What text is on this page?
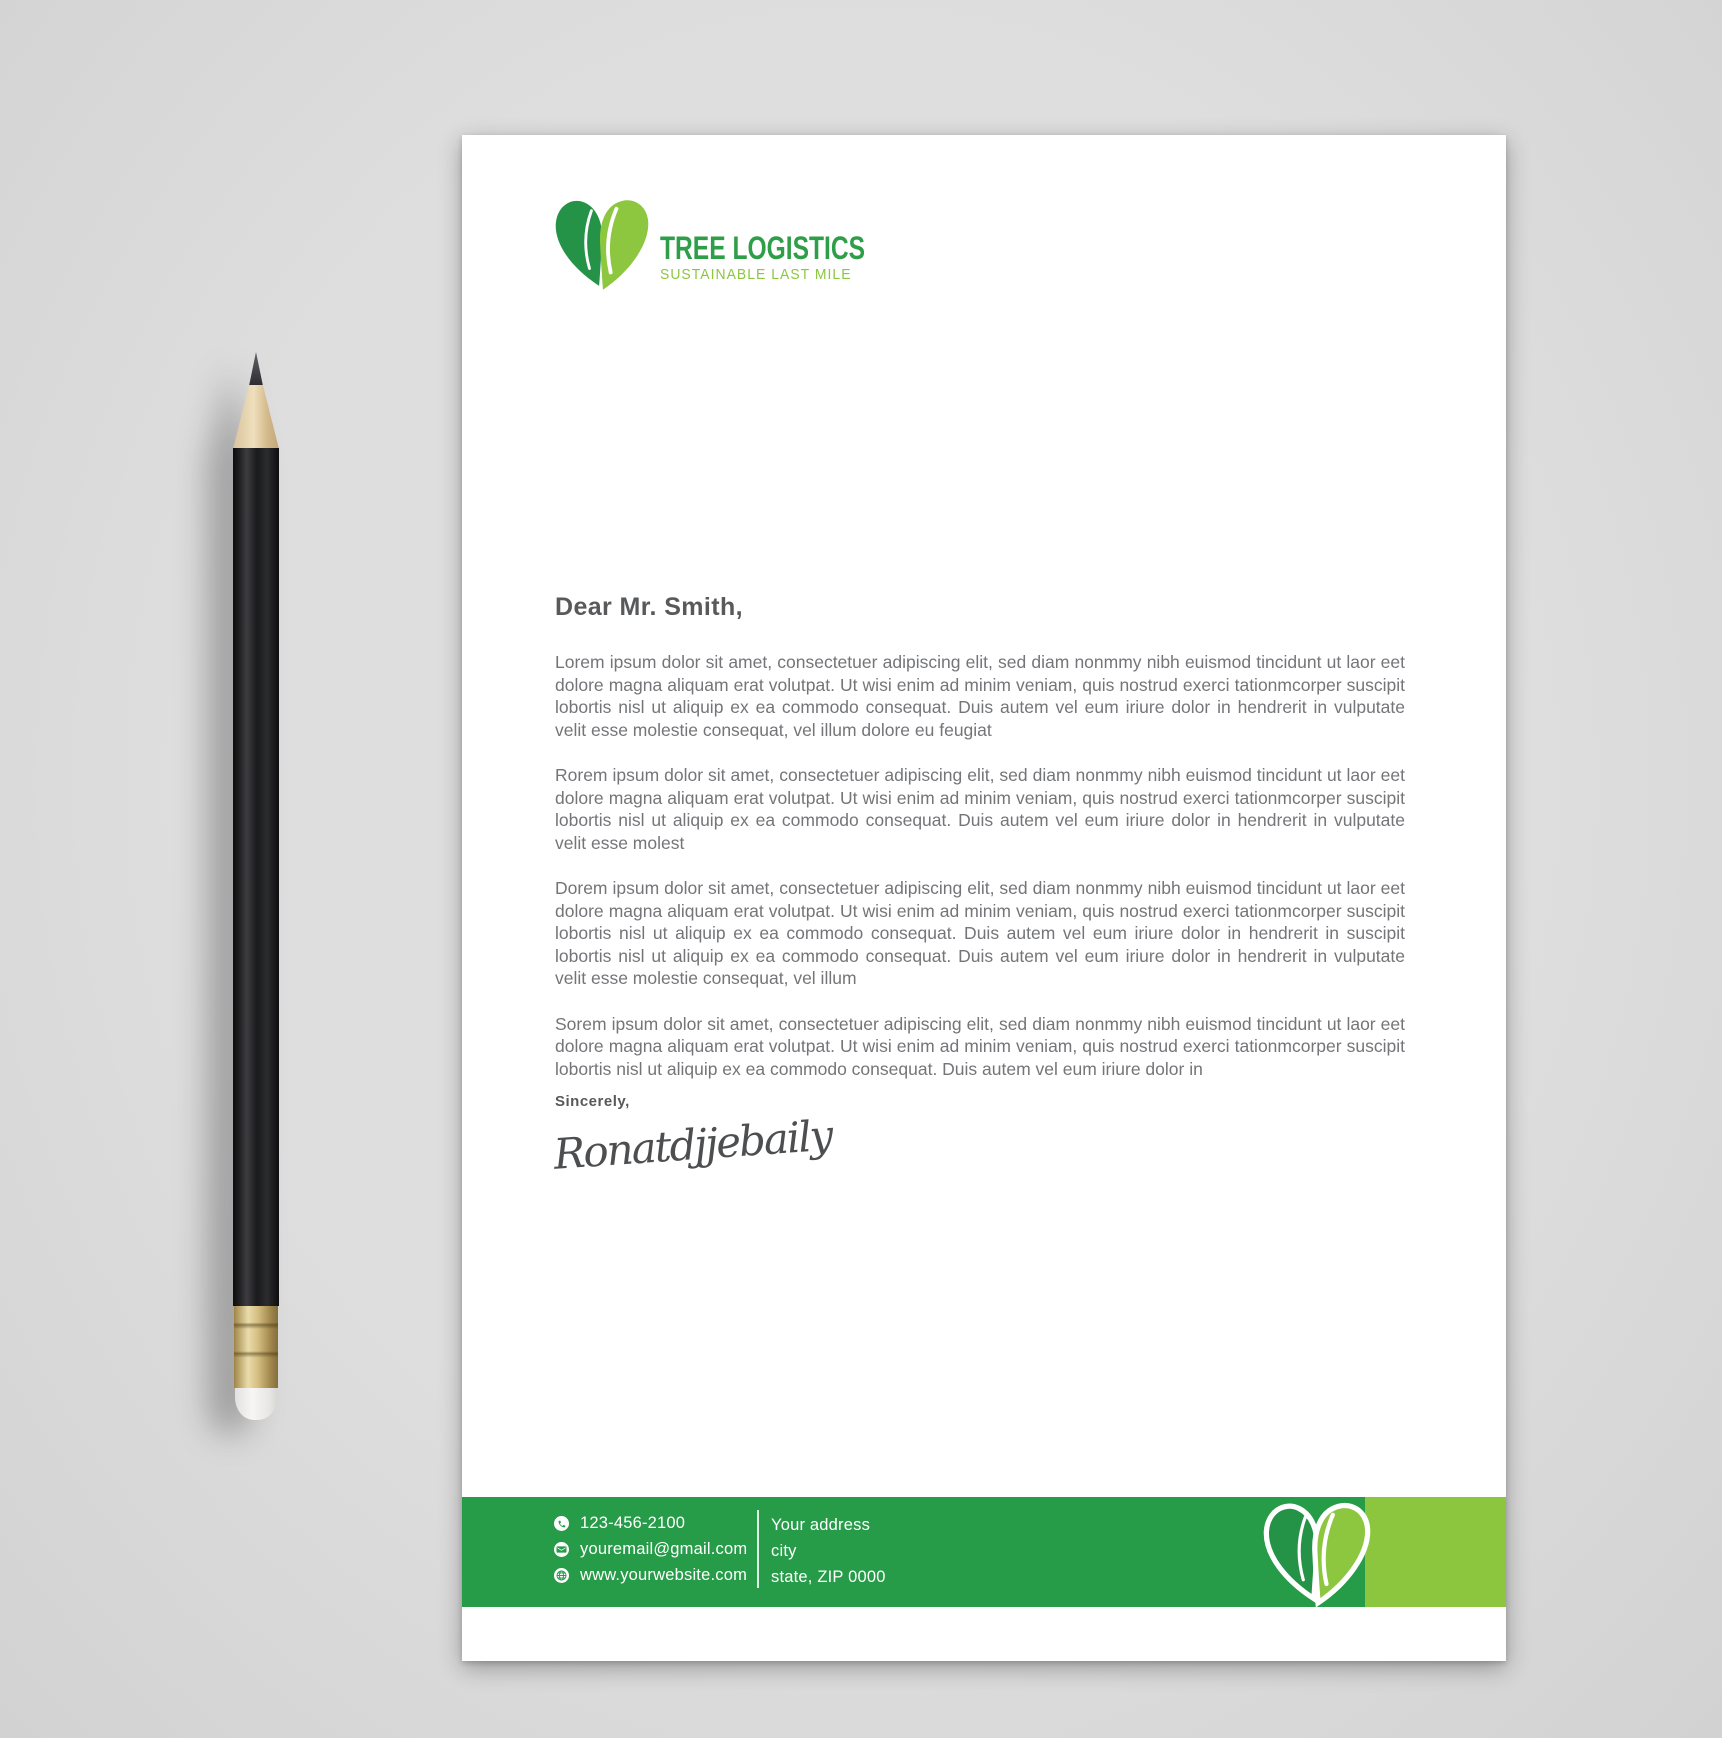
TREE LOGISTICS
SUSTAINABLE LAST MILE
Dear Mr. Smith,

Lorem ipsum dolor sit amet, consectetuer adipiscing elit, sed diam nonmmy nibh euismod tincidunt ut laor eet dolore magna aliquam erat volutpat. Ut wisi enim ad minim veniam, quis nostrud exerci tationmcorper suscipit lobortis nisl ut aliquip ex ea commodo consequat. Duis autem vel eum iriure dolor in hendrerit in vulputate velit esse molestie consequat, vel illum dolore eu feugiat

Rorem ipsum dolor sit amet, consectetuer adipiscing elit, sed diam nonmmy nibh euismod tincidunt ut laor eet dolore magna aliquam erat volutpat. Ut wisi enim ad minim veniam, quis nostrud exerci tationmcorper suscipit lobortis nisl ut aliquip ex ea commodo consequat. Duis autem vel eum iriure dolor in hendrerit in vulputate velit esse molest

Dorem ipsum dolor sit amet, consectetuer adipiscing elit, sed diam nonmmy nibh euismod tincidunt ut laor eet dolore magna aliquam erat volutpat. Ut wisi enim ad minim veniam, quis nostrud exerci tationmcorper suscipit lobortis nisl ut aliquip ex ea commodo consequat. Duis autem vel eum iriure dolor in hendrerit in suscipit lobortis nisl ut aliquip ex ea commodo consequat. Duis autem vel eum iriure dolor in hendrerit in vulputate velit esse molestie consequat, vel illum

Sorem ipsum dolor sit amet, consectetuer adipiscing elit, sed diam nonmmy nibh euismod tincidunt ut laor eet dolore magna aliquam erat volutpat. Ut wisi enim ad minim veniam, quis nostrud exerci tationmcorper suscipit lobortis nisl ut aliquip ex ea commodo consequat. Duis autem vel eum iriure dolor in

Sincerely,
Ronatdjjebaily
123-456-2100
youremail@gmail.com
www.yourwebsite.com
Your address
city
state, ZIP 0000
